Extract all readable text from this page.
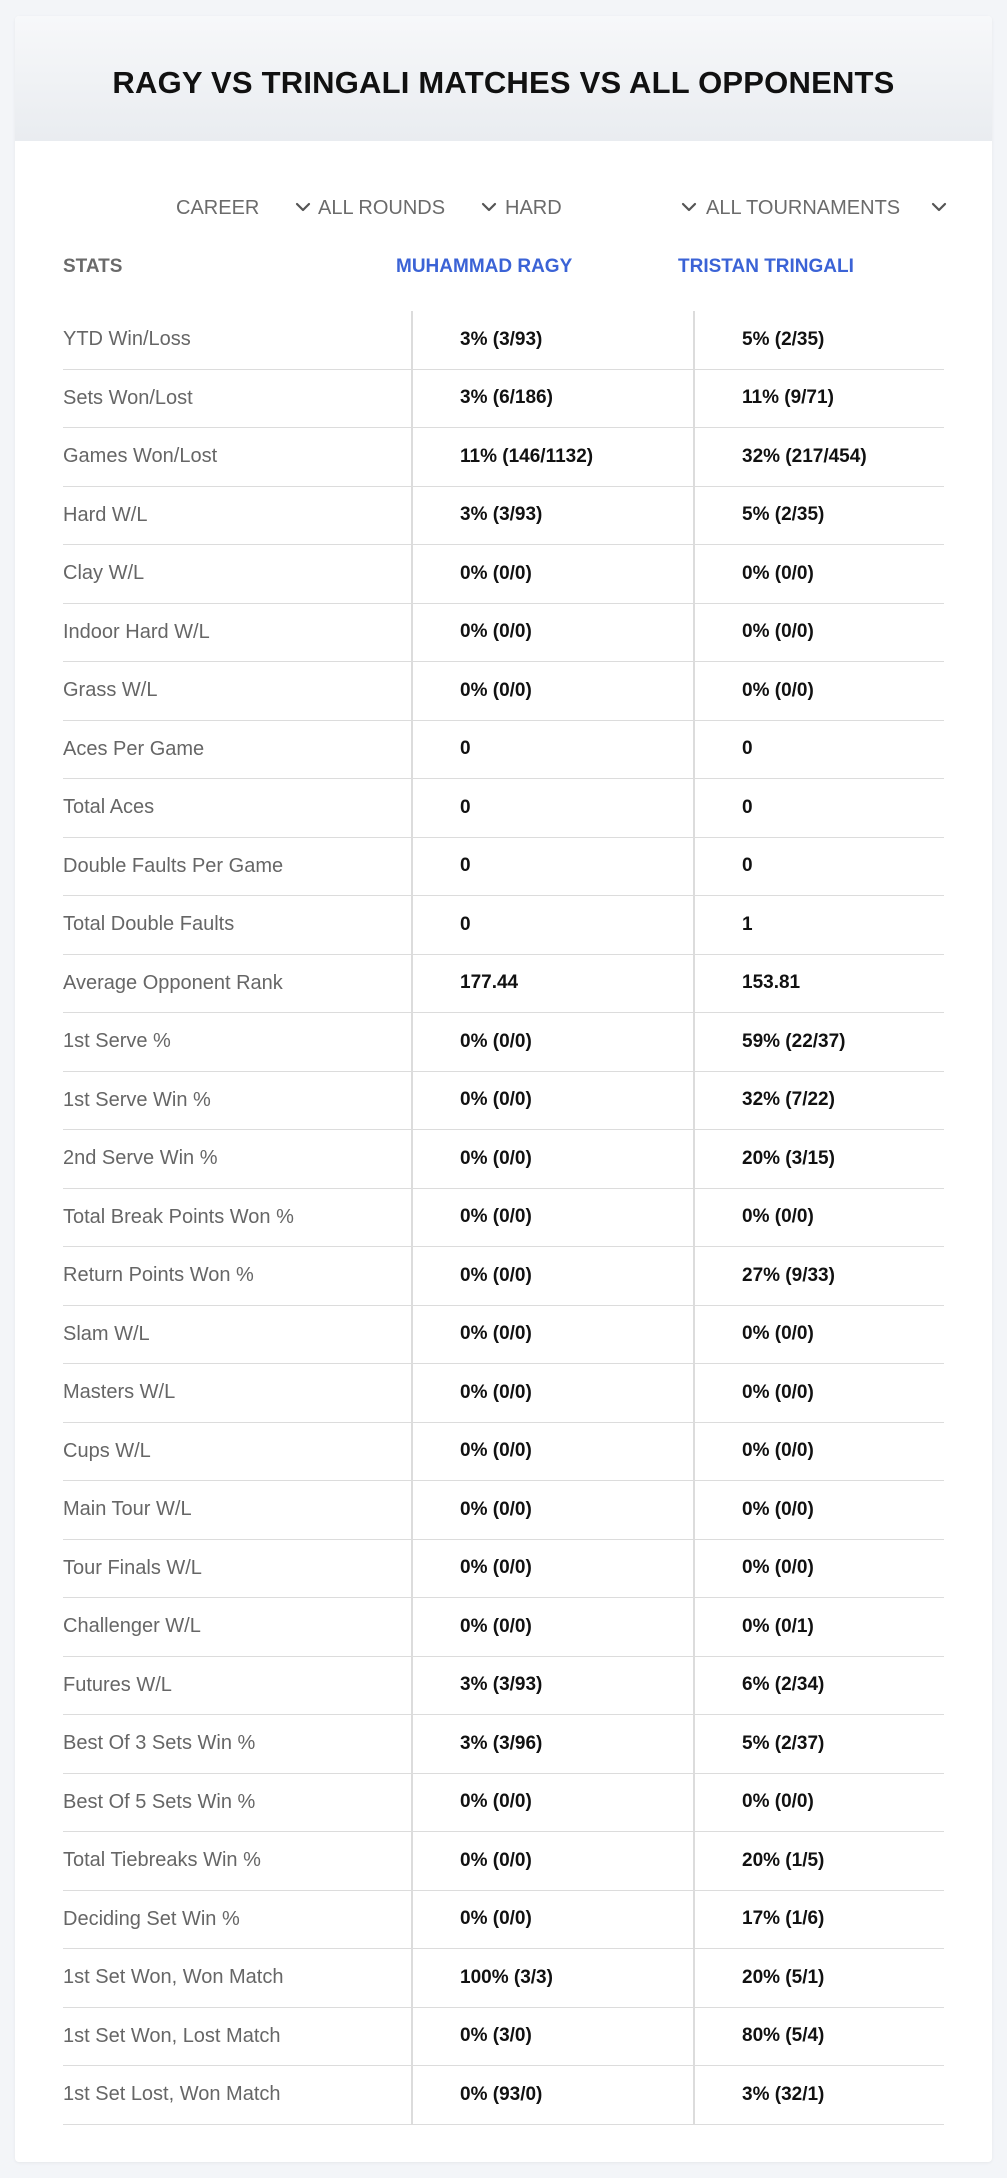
RAGY VS TRINGALI MATCHES VS ALL OPPONENTS
CAREER	ALL ROUNDS	HARD	ALL TOURNAMENTS
STATS	MUHAMMAD RAGY	TRISTAN TRINGALI
YTD Win/Loss	3% (3/93)	5% (2/35)
Sets Won/Lost	3% (6/186)	11% (9/71)
Games Won/Lost	11% (146/1132)	32% (217/454)
Hard W/L	3% (3/93)	5% (2/35)
Clay W/L	0% (0/0)	0% (0/0)
Indoor Hard W/L	0% (0/0)	0% (0/0)
Grass W/L	0% (0/0)	0% (0/0)
Aces Per Game	0	0
Total Aces	0	0
Double Faults Per Game	0	0
Total Double Faults	0	1
Average Opponent Rank	177.44	153.81
1st Serve %	0% (0/0)	59% (22/37)
1st Serve Win %	0% (0/0)	32% (7/22)
2nd Serve Win %	0% (0/0)	20% (3/15)
Total Break Points Won %	0% (0/0)	0% (0/0)
Return Points Won %	0% (0/0)	27% (9/33)
Slam W/L	0% (0/0)	0% (0/0)
Masters W/L	0% (0/0)	0% (0/0)
Cups W/L	0% (0/0)	0% (0/0)
Main Tour W/L	0% (0/0)	0% (0/0)
Tour Finals W/L	0% (0/0)	0% (0/0)
Challenger W/L	0% (0/0)	0% (0/1)
Futures W/L	3% (3/93)	6% (2/34)
Best Of 3 Sets Win %	3% (3/96)	5% (2/37)
Best Of 5 Sets Win %	0% (0/0)	0% (0/0)
Total Tiebreaks Win %	0% (0/0)	20% (1/5)
Deciding Set Win %	0% (0/0)	17% (1/6)
1st Set Won, Won Match	100% (3/3)	20% (5/1)
1st Set Won, Lost Match	0% (3/0)	80% (5/4)
1st Set Lost, Won Match	0% (93/0)	3% (32/1)
